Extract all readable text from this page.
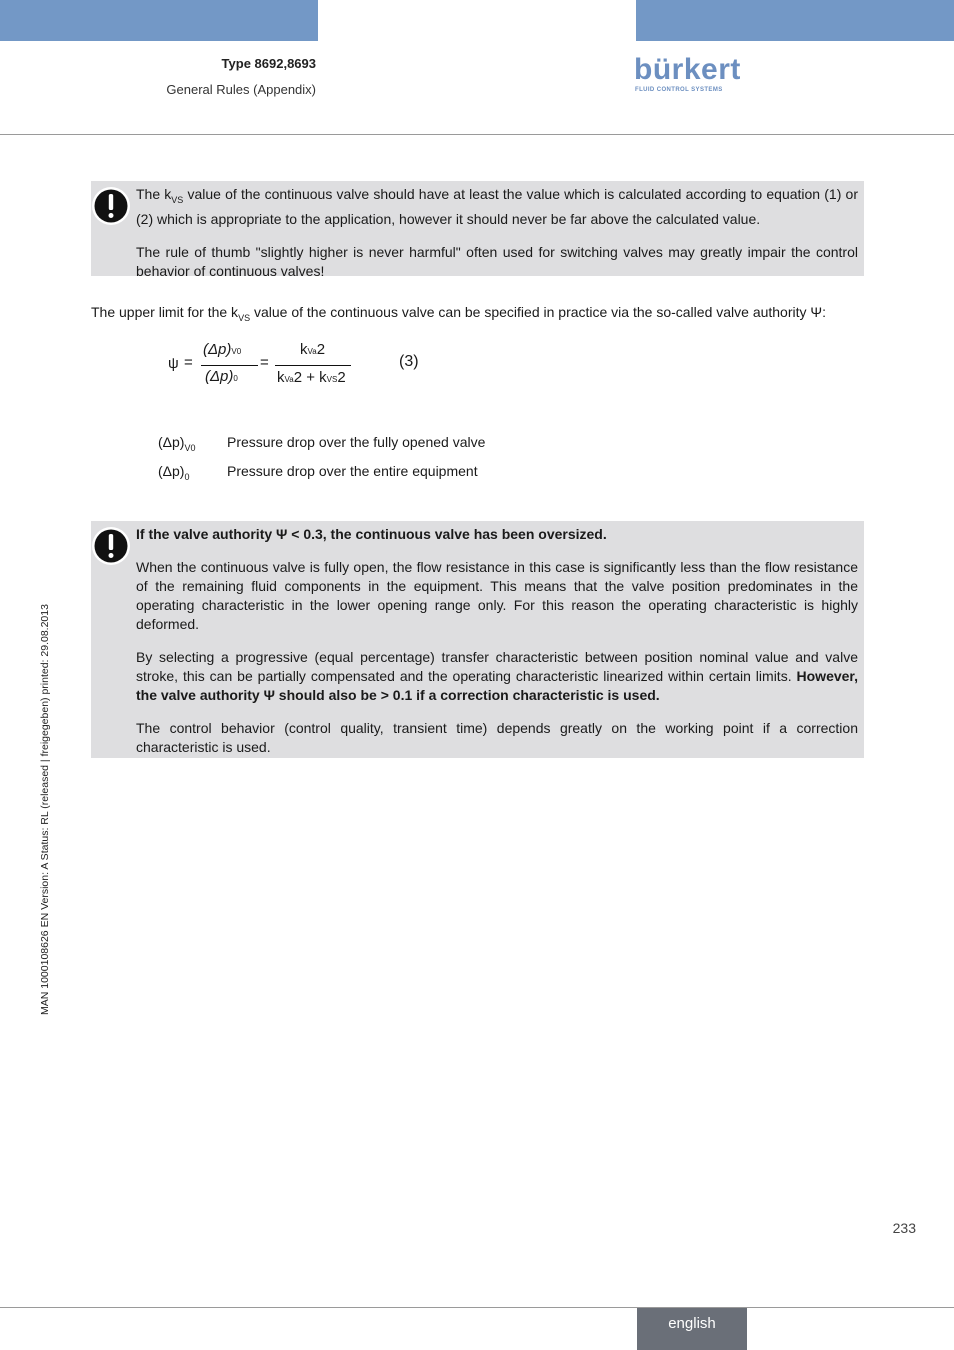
Type 8692,8693
General Rules (Appendix)
bürkert
FLUID CONTROL SYSTEMS

The $k_{VS}$ value of the continuous valve should have at least the value which is calculated according to equation (1) or (2) which is appropriate to the application, however it should never be far above the calculated value.

The rule of thumb "slightly higher is never harmful" often used for switching valves may greatly impair the control behavior of continuous valves!

The upper limit for the $k_{VS}$ value of the continuous valve can be specified in practice via the so-called valve authority Ψ:
ψ =
(Δp)V0
(Δp)0
=
kVa2
kVa2 + kVS2
(3)
$(\Delta p)_{V0}$ Pressure drop over the fully opened valve
$(\Delta p)_0$	Pressure drop over the entire equipment

If the valve authority Ψ < 0.3, the continuous valve has been oversized.

When the continuous valve is fully open, the flow resistance in this case is significantly less than the flow resistance of the remaining fluid components in the equipment. This means that the valve position predominates in the operating characteristic in the lower opening range only. For this reason the operating characteristic is highly deformed.

By selecting a progressive (equal percentage) transfer characteristic between position nominal value and valve stroke, this can be partially compensated and the operating characteristic linearized within certain limits. However, the valve authority Ψ should also be > 0.1 if a correction characteristic is used.

The control behavior (control quality, transient time) depends greatly on the working point if a correction characteristic is used.

MAN 1000108626 EN Version: A Status: RL (released | freigegeben) printed: 29.08.2013
233
english
